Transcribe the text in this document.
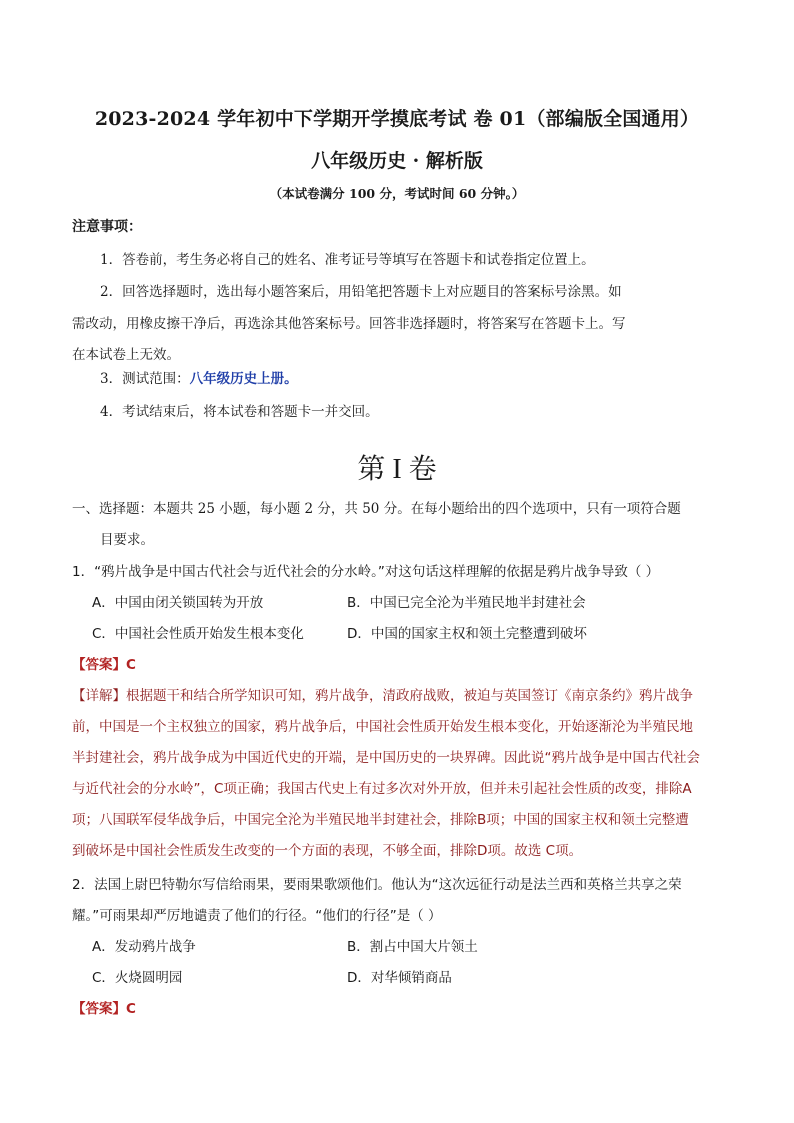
2023-2024 学年初中下学期开学摸底考试 卷 01（部编版全国通用）
八年级历史 · 解析版
（本试卷满分 100 分，考试时间 60 分钟。）
注意事项：
1．答卷前，考生务必将自己的姓名、准考证号等填写在答题卡和试卷指定位置上。
2．回答选择题时，选出每小题答案后，用铅笔把答题卡上对应题目的答案标号涂黑。如
需改动，用橡皮擦干净后，再选涂其他答案标号。回答非选择题时，将答案写在答题卡上。写
在本试卷上无效。
3．测试范围：八年级历史上册。
4．考试结束后，将本试卷和答题卡一并交回。
第 I 卷
一、选择题：本题共 25 小题，每小题 2 分，共 50 分。在每小题给出的四个选项中，只有一项符合题
目要求。
1．“鸦片战争是中国古代社会与近代社会的分水岭。”对这句话这样理解的依据是鸦片战争导致（ ）
A．中国由闭关锁国转为开放	B．中国已完全沦为半殖民地半封建社会
C．中国社会性质开始发生根本变化	D．中国的国家主权和领土完整遭到破坏
【答案】C
【详解】根据题干和结合所学知识可知，鸦片战争，清政府战败，被迫与英国签订《南京条约》鸦片战争
前，中国是一个主权独立的国家，鸦片战争后，中国社会性质开始发生根本变化，开始逐渐沦为半殖民地
半封建社会，鸦片战争成为中国近代史的开端，是中国历史的一块界碑。因此说“鸦片战争是中国古代社会
与近代社会的分水岭”，C项正确；我国古代史上有过多次对外开放，但并未引起社会性质的改变，排除A
项；八国联军侵华战争后，中国完全沦为半殖民地半封建社会，排除B项；中国的国家主权和领土完整遭
到破坏是中国社会性质发生改变的一个方面的表现，不够全面，排除D项。故选 C项。
2．法国上尉巴特勒尔写信给雨果，要雨果歌颂他们。他认为“这次远征行动是法兰西和英格兰共享之荣
耀。”可雨果却严厉地谴责了他们的行径。“他们的行径”是（ ）
A．发动鸦片战争	B．割占中国大片领土
C．火烧圆明园	D．对华倾销商品
【答案】C
